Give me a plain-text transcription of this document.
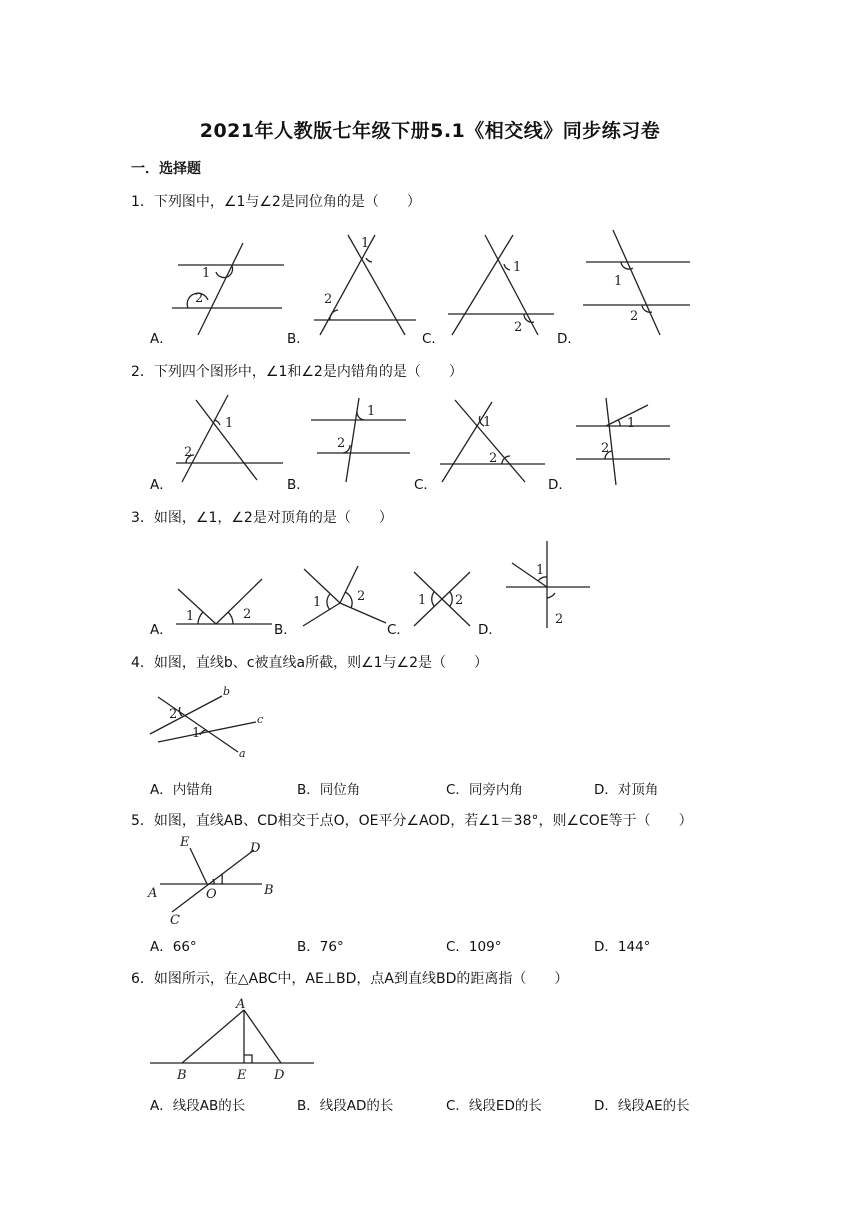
2021年人教版七年级下册5.1《相交线》同步练习卷
一．选择题
1．下列图中，∠1与∠2是同位角的是（　　）
A．	B．	C．	D．
1
2
1
2
1
2
1
2
2．下列四个图形中，∠1和∠2是内错角的是（　　）
A．	B．	C．	D．
1
2
1
2
1
2
1
2
3．如图，∠1，∠2是对顶角的是（　　）
A．	B．	C．	D．
1	2
1	2	1 2
1
2
4．如图，直线b、c被直线a所截，则∠1与∠2是（　　）
2
1
b
c
a
A．内错角	B．同位角	C．同旁内角	D．对顶角
5．如图，直线AB、CD相交于点O，OE平分∠AOD，若∠1＝38°，则∠COE等于（　　）
1
E	D
A	O	B
C
A．66°	B．76°	C．109°	D．144°
6．如图所示，在△ABC中，AE⊥BD，点A到直线BD的距离指（　　）
A
B	E D
A．线段AB的长	B．线段AD的长	C．线段ED的长	D．线段AE的长
